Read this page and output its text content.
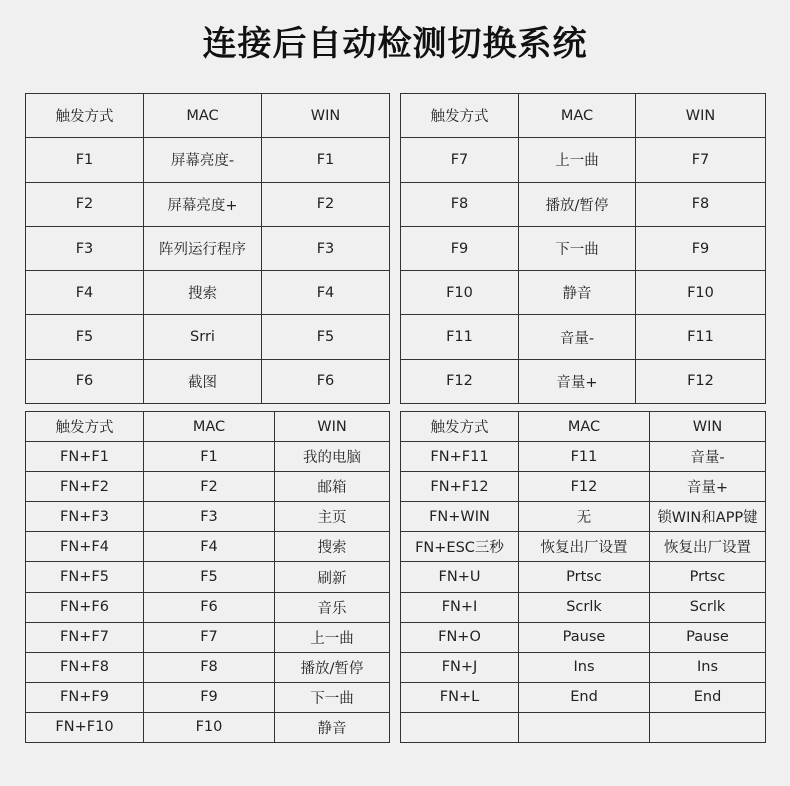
连接后自动检测切换系统
触发方式	MAC	WIN
F1	屏幕亮度-	F1
F2	屏幕亮度+	F2
F3	阵列运行程序	F3
F4	搜索	F4
F5	Srri	F5
F6	截图	F6
触发方式	MAC	WIN
F7	上一曲	F7
F8	播放/暂停	F8
F9	下一曲	F9
F10	静音	F10
F11	音量-	F11
F12	音量+	F12
触发方式	MAC	WIN
FN+F1	F1	我的电脑
FN+F2	F2	邮箱
FN+F3	F3	主页
FN+F4	F4	搜索
FN+F5	F5	刷新
FN+F6	F6	音乐
FN+F7	F7	上一曲
FN+F8	F8	播放/暂停
FN+F9	F9	下一曲
FN+F10	F10	静音
触发方式	MAC	WIN
FN+F11	F11	音量-
FN+F12	F12	音量+
FN+WIN	无	锁WIN和APP键
FN+ESC三秒	恢复出厂设置	恢复出厂设置
FN+U	Prtsc	Prtsc
FN+I	Scrlk	Scrlk
FN+O	Pause	Pause
FN+J	Ins	Ins
FN+L	End	End
